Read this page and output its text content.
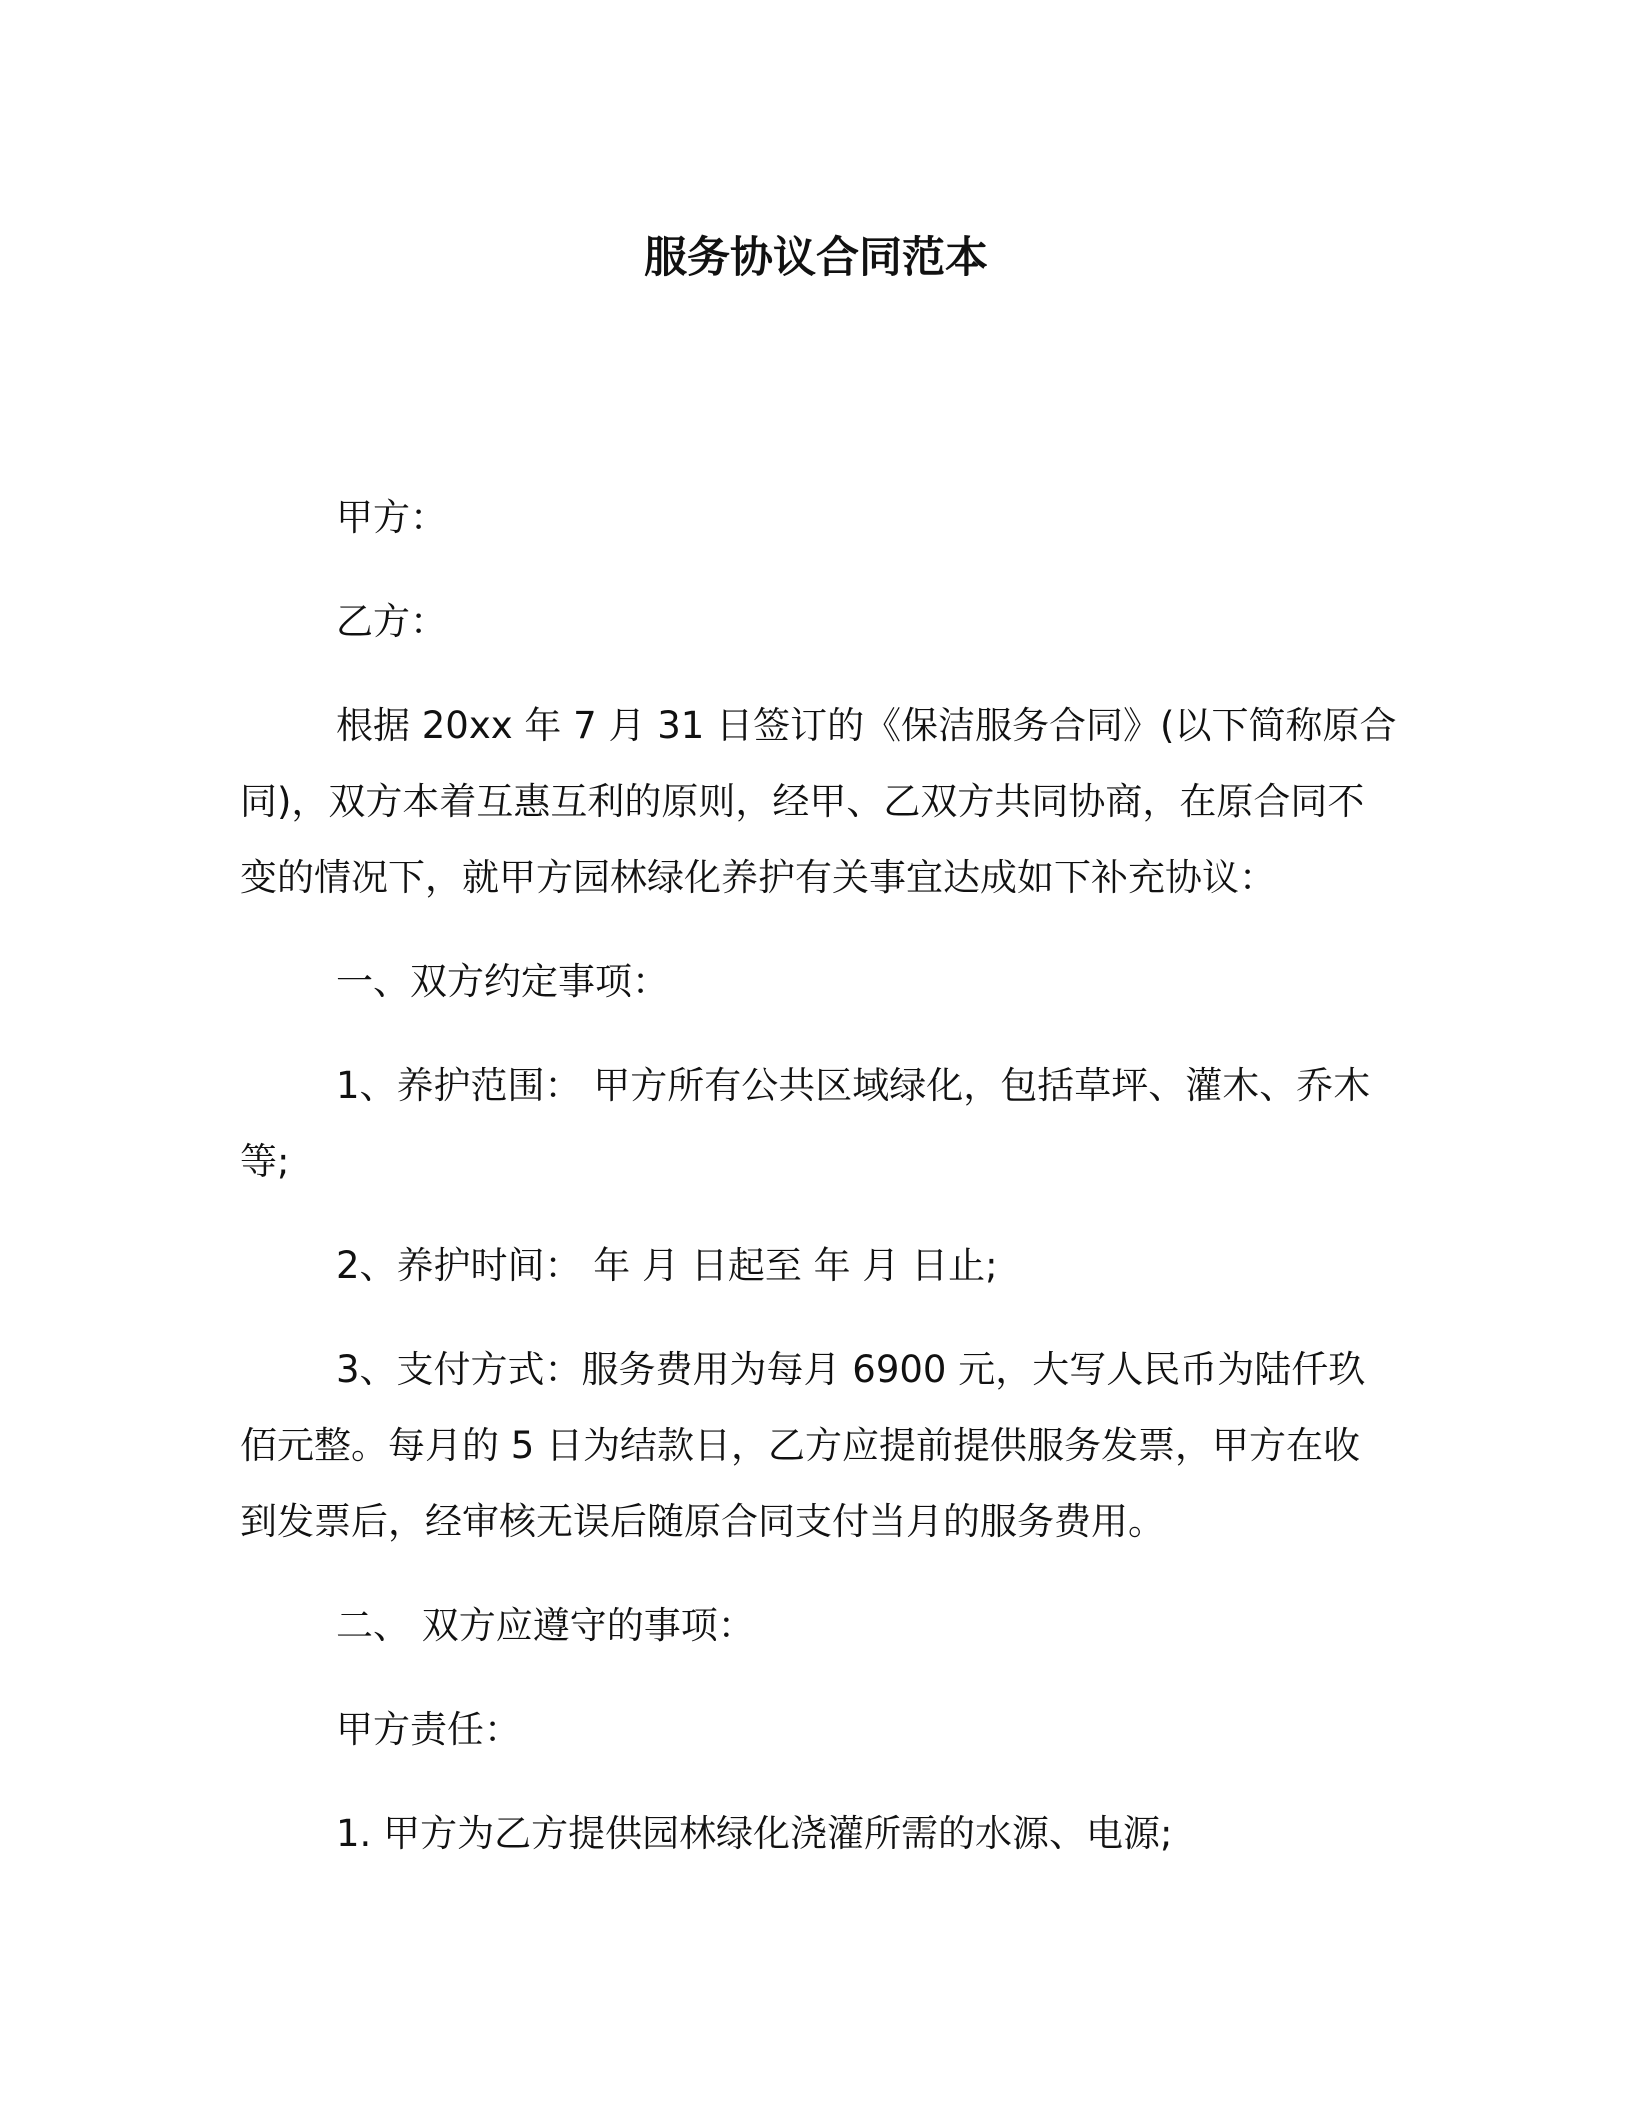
服务协议合同范本

甲方：

乙方：

根据 20xx 年 7 月 31 日签订的《保洁服务合同》(以下简称原合

同)，双方本着互惠互利的原则，经甲、乙双方共同协商，在原合同不

变的情况下，就甲方园林绿化养护有关事宜达成如下补充协议：

一、双方约定事项：

1、养护范围： 甲方所有公共区域绿化，包括草坪、灌木、乔木

等;

2、养护时间： 年 月 日起至 年 月 日止;

3、支付方式：服务费用为每月 6900 元，大写人民币为陆仟玖

佰元整。每月的 5 日为结款日，乙方应提前提供服务发票，甲方在收

到发票后，经审核无误后随原合同支付当月的服务费用。

二、 双方应遵守的事项：

甲方责任：

1. 甲方为乙方提供园林绿化浇灌所需的水源、电源;
